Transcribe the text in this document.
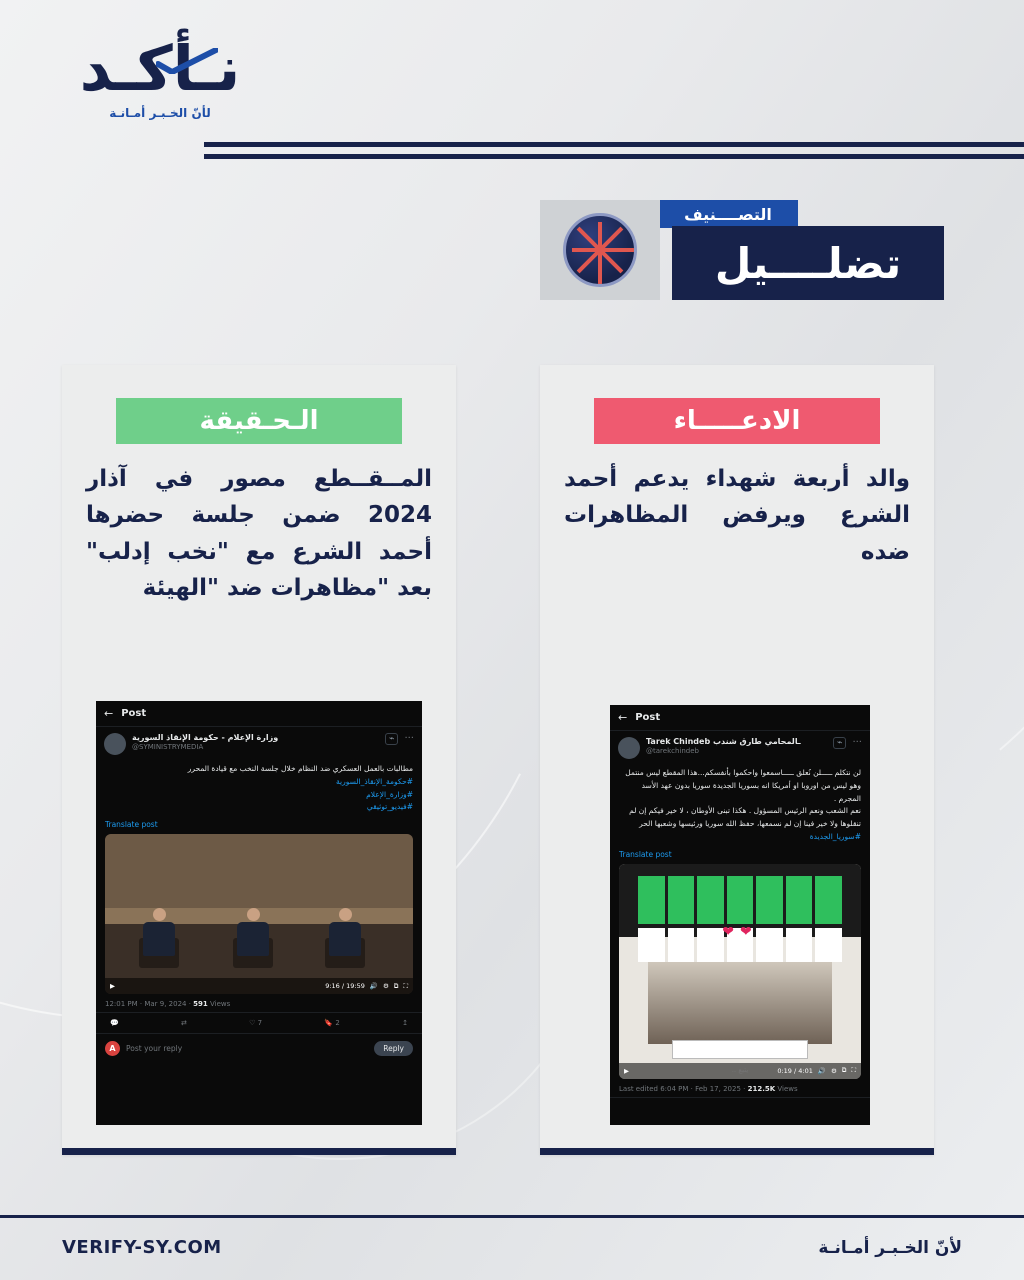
نـأكـد
لأنّ الخـبـر أمـانـة
التصــــنيف
تضلــــيل
الادعـــــاء
والد أربعة شهداء يدعم أحمد الشرع ويرفض المظاهرات ضده
← Post
Tarek Chindeb ـالمحامي طارق شندب
@tarekchindeb
⌁	···
لن نتكلم ـــــلن نُعلق ـــــاسمعوا واحكموا بأنفسكم...هذا المقطع ليس منتمل وهو ليس من اوروبا او أمريكا انه بسوريا الجديدة سوريا بدون عهد الأسد المجرم .
نعم الشعب ونعم الرئيس المسؤول . هكذا تبنى الأوطان ، لا خير فيكم إن لم تنقلوها ولا خير فينا إن لم نسمعها، حفظ الله سوريا ورئيسها وشعبها الحر
#سوريا_الجديدة
Translate post
❤❤
▶	0:19 / 4:01 🔊 ⚙ ⧉ ⛶
Last edited 6:04 PM · Feb 17, 2025 · 212.5K Views
الـحـقيقة
المــقــطع مصور في آذار 2024 ضمن جلسة حضرها أحمد الشرع مع "نخب إدلب" بعد "مظاهرات ضد "الهيئة
← Post
وزارة الإعلام - حكومة الإنقاذ السورية
@SYMINISTRYMEDIA
⌁	···
مطالبات بالعمل العسكري ضد النظام خلال جلسة النخب مع قيادة المحرر
#حكومة_الإنقاذ_السورية
#وزارة_الإعلام
#فيديو_توثيقي
Translate post
▶	9:16 / 19:59 🔊 ⚙ ⧉ ⛶
12:01 PM · Mar 9, 2024 · 591 Views
💬	⇄	♡ 7	🔖 2	↥
A	Post your reply	Reply
VERIFY-SY.COM	لأنّ الخـبـر أمـانـة
